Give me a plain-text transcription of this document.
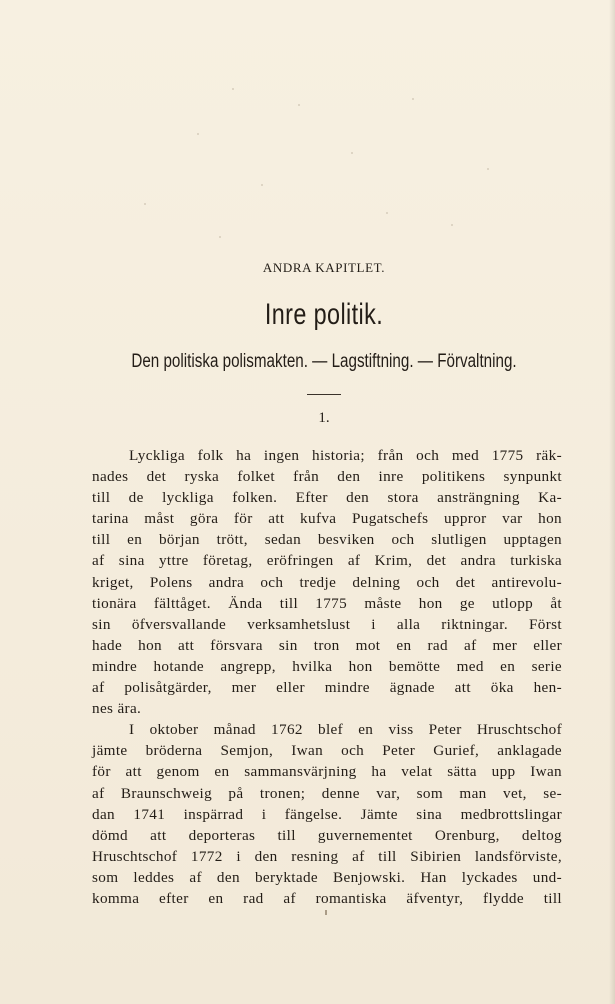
ANDRA KAPITLET.

Inre politik.

Den politiska polismakten. — Lagstiftning. — Förvaltning.

1.

Lyckliga folk ha ingen historia; från och med 1775 räk-
nades det ryska folket från den inre politikens synpunkt
till de lyckliga folken. Efter den stora ansträngning Ka-
tarina måst göra för att kufva Pugatschefs uppror var hon
till en början trött, sedan besviken och slutligen upptagen
af sina yttre företag, eröfringen af Krim, det andra turkiska
kriget, Polens andra och tredje delning och det antirevolu-
tionära fälttåget. Ända till 1775 måste hon ge utlopp åt
sin öfversvallande verksamhetslust i alla riktningar. Först
hade hon att försvara sin tron mot en rad af mer eller
mindre hotande angrepp, hvilka hon bemötte med en serie
af polisåtgärder, mer eller mindre ägnade att öka hen-
nes ära.
I oktober månad 1762 blef en viss Peter Hruschtschof
jämte bröderna Semjon, Iwan och Peter Gurief, anklagade
för att genom en sammansvärjning ha velat sätta upp Iwan
af Braunschweig på tronen; denne var, som man vet, se-
dan 1741 inspärrad i fängelse. Jämte sina medbrottslingar
dömd att deporteras till guvernementet Orenburg, deltog
Hruschtschof 1772 i den resning af till Sibirien landsförviste,
som leddes af den beryktade Benjowski. Han lyckades und-
komma efter en rad af romantiska äfventyr, flydde till
